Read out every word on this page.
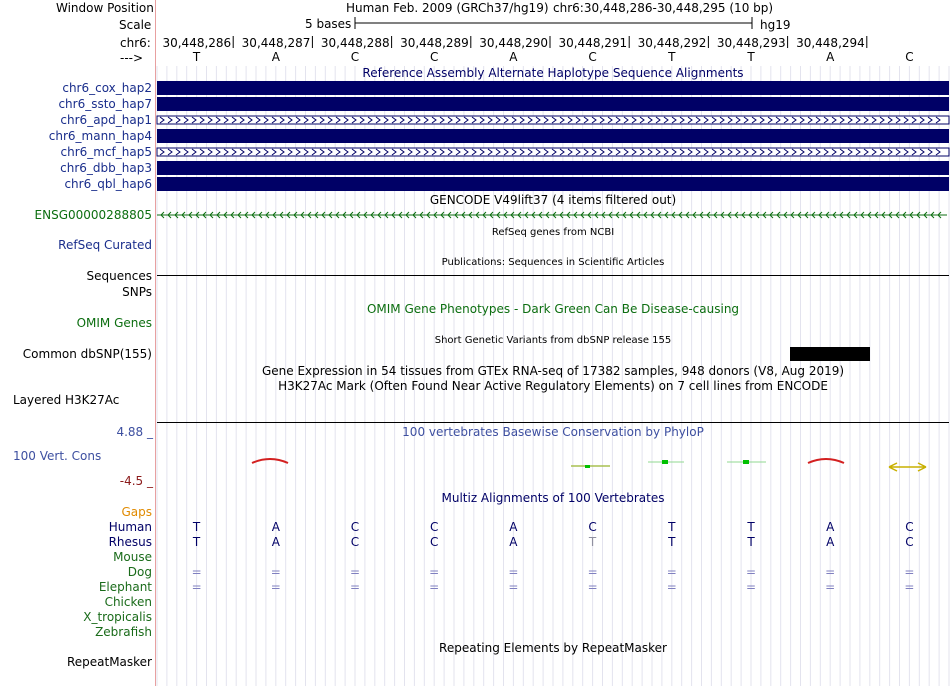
Window Position	Human Feb. 2009 (GRCh37/hg19) chr6:30,448,286-30,448,295 (10 bp)
Scale	5 bases	hg19
chr6:
--->
30,448,286 30,448,287 30,448,288 30,448,289 30,448,290 30,448,291 30,448,292 30,448,293 30,448,294
T	A	C	C	A	C	T	T	A	C
Reference Assembly Alternate Haplotype Sequence Alignments
chr6_cox_hap2
chr6_ssto_hap7
chr6_apd_hap1
chr6_mann_hap4
chr6_mcf_hap5
chr6_dbb_hap3
chr6_qbl_hap6
GENCODE V49lift37 (4 items filtered out)
ENSG00000288805
RefSeq genes from NCBI
RefSeq Curated
Publications: Sequences in Scientific Articles
Sequences
SNPs
OMIM Gene Phenotypes - Dark Green Can Be Disease-causing
OMIM Genes
Short Genetic Variants from dbSNP release 155
Common dbSNP(155)
Gene Expression in 54 tissues from GTEx RNA-seq of 17382 samples, 948 donors (V8, Aug 2019)
H3K27Ac Mark (Often Found Near Active Regulatory Elements) on 7 cell lines from ENCODE
Layered H3K27Ac
100 vertebrates Basewise Conservation by PhyloP
4.88 _
100 Vert. Cons
-4.5 _
Multiz Alignments of 100 Vertebrates
Gaps
Human	T	A	C	C	A	C	T	T	A	C
Rhesus	T	A	C	C	A	T	T	T	A	C
Mouse
Dog	=	=	=	=	=	=	=	=	=	=
Elephant	=	=	=	=	=	=	=	=	=	=
Chicken
X_tropicalis
Zebrafish
Repeating Elements by RepeatMasker
RepeatMasker
